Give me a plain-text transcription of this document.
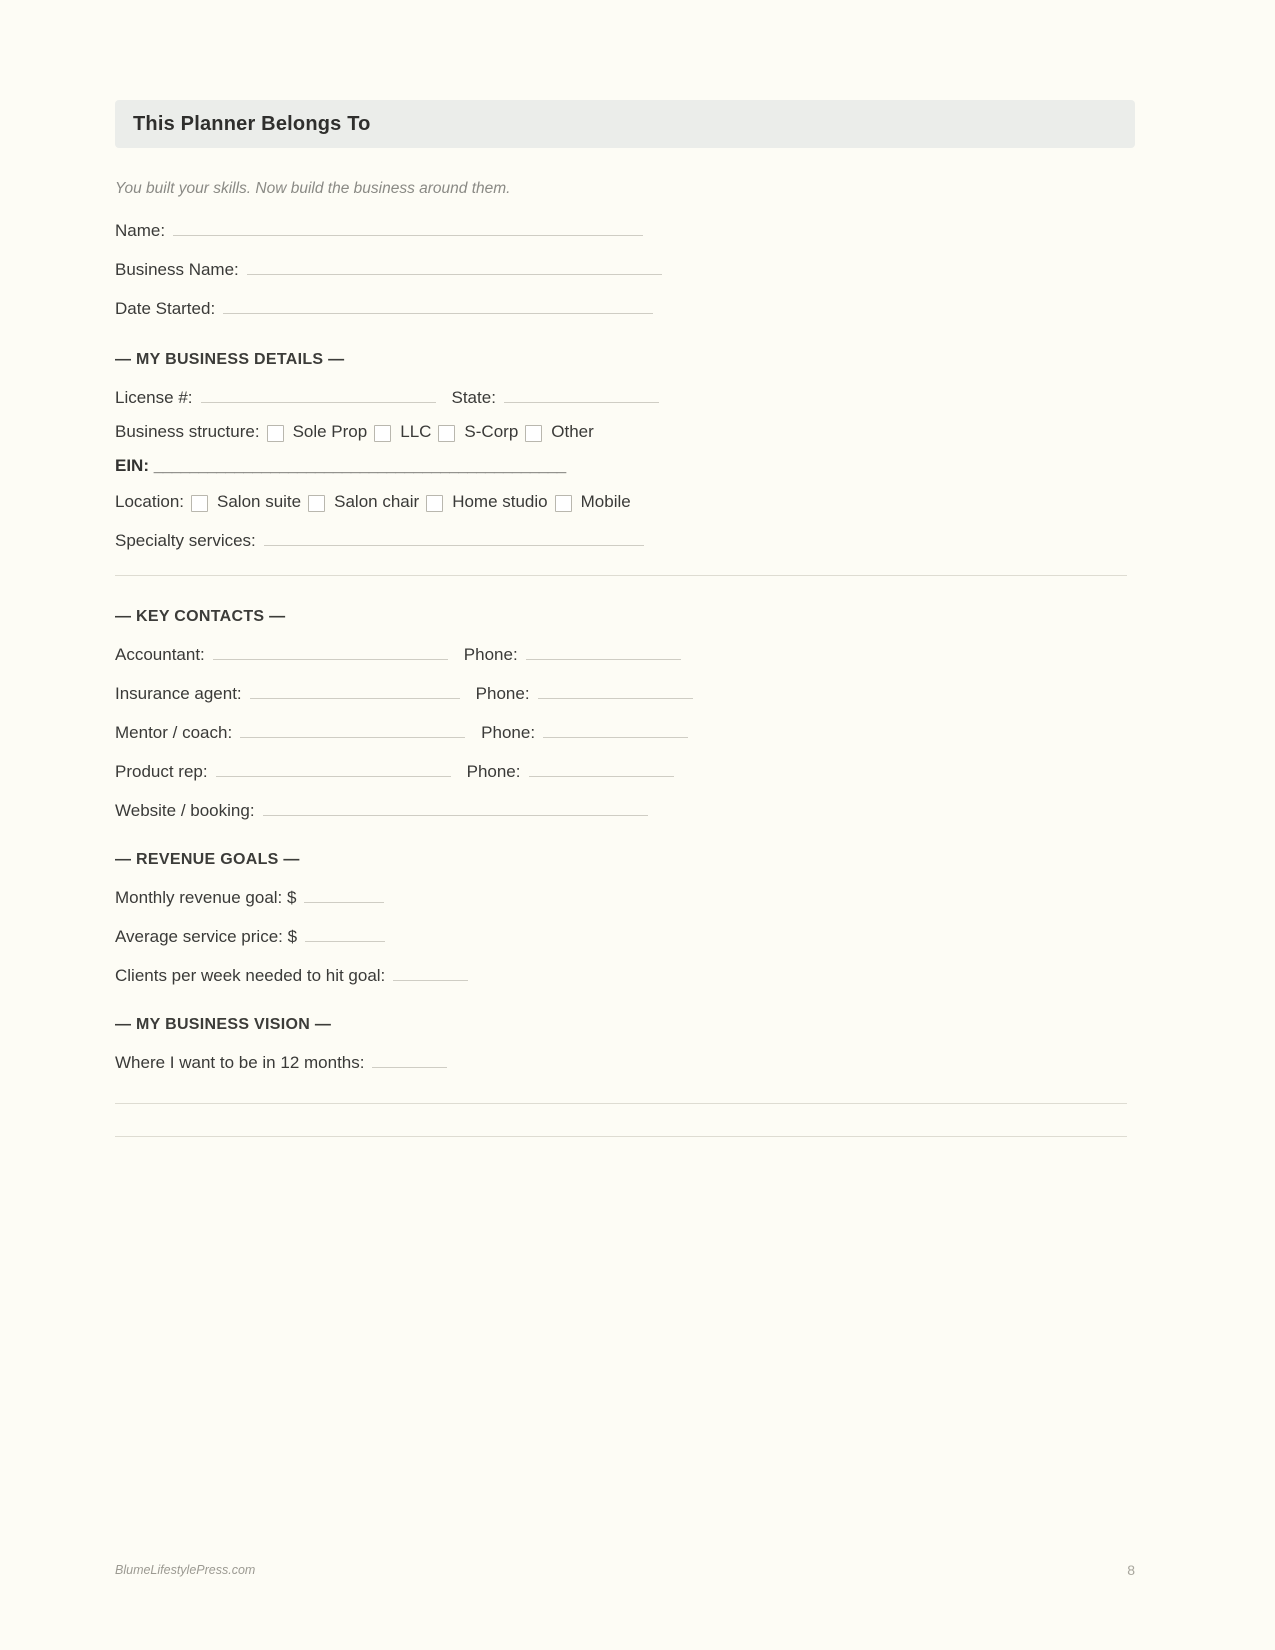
This Planner Belongs To

You built your skills. Now build the business around them.

Name:
Business Name:
Date Started:
— MY BUSINESS DETAILS —
License #:	State:
Business structure: Sole Prop LLC S-Corp Other
EIN: ______________________________________________
Location: Salon suite Salon chair Home studio Mobile
Specialty services:
— KEY CONTACTS —
Accountant:	Phone:
Insurance agent:	Phone:
Mentor / coach:	Phone:
Product rep:	Phone:
Website / booking:
— REVENUE GOALS —
Monthly revenue goal: $
Average service price: $
Clients per week needed to hit goal:
— MY BUSINESS VISION —
Where I want to be in 12 months:
BlumeLifestylePress.com	8
